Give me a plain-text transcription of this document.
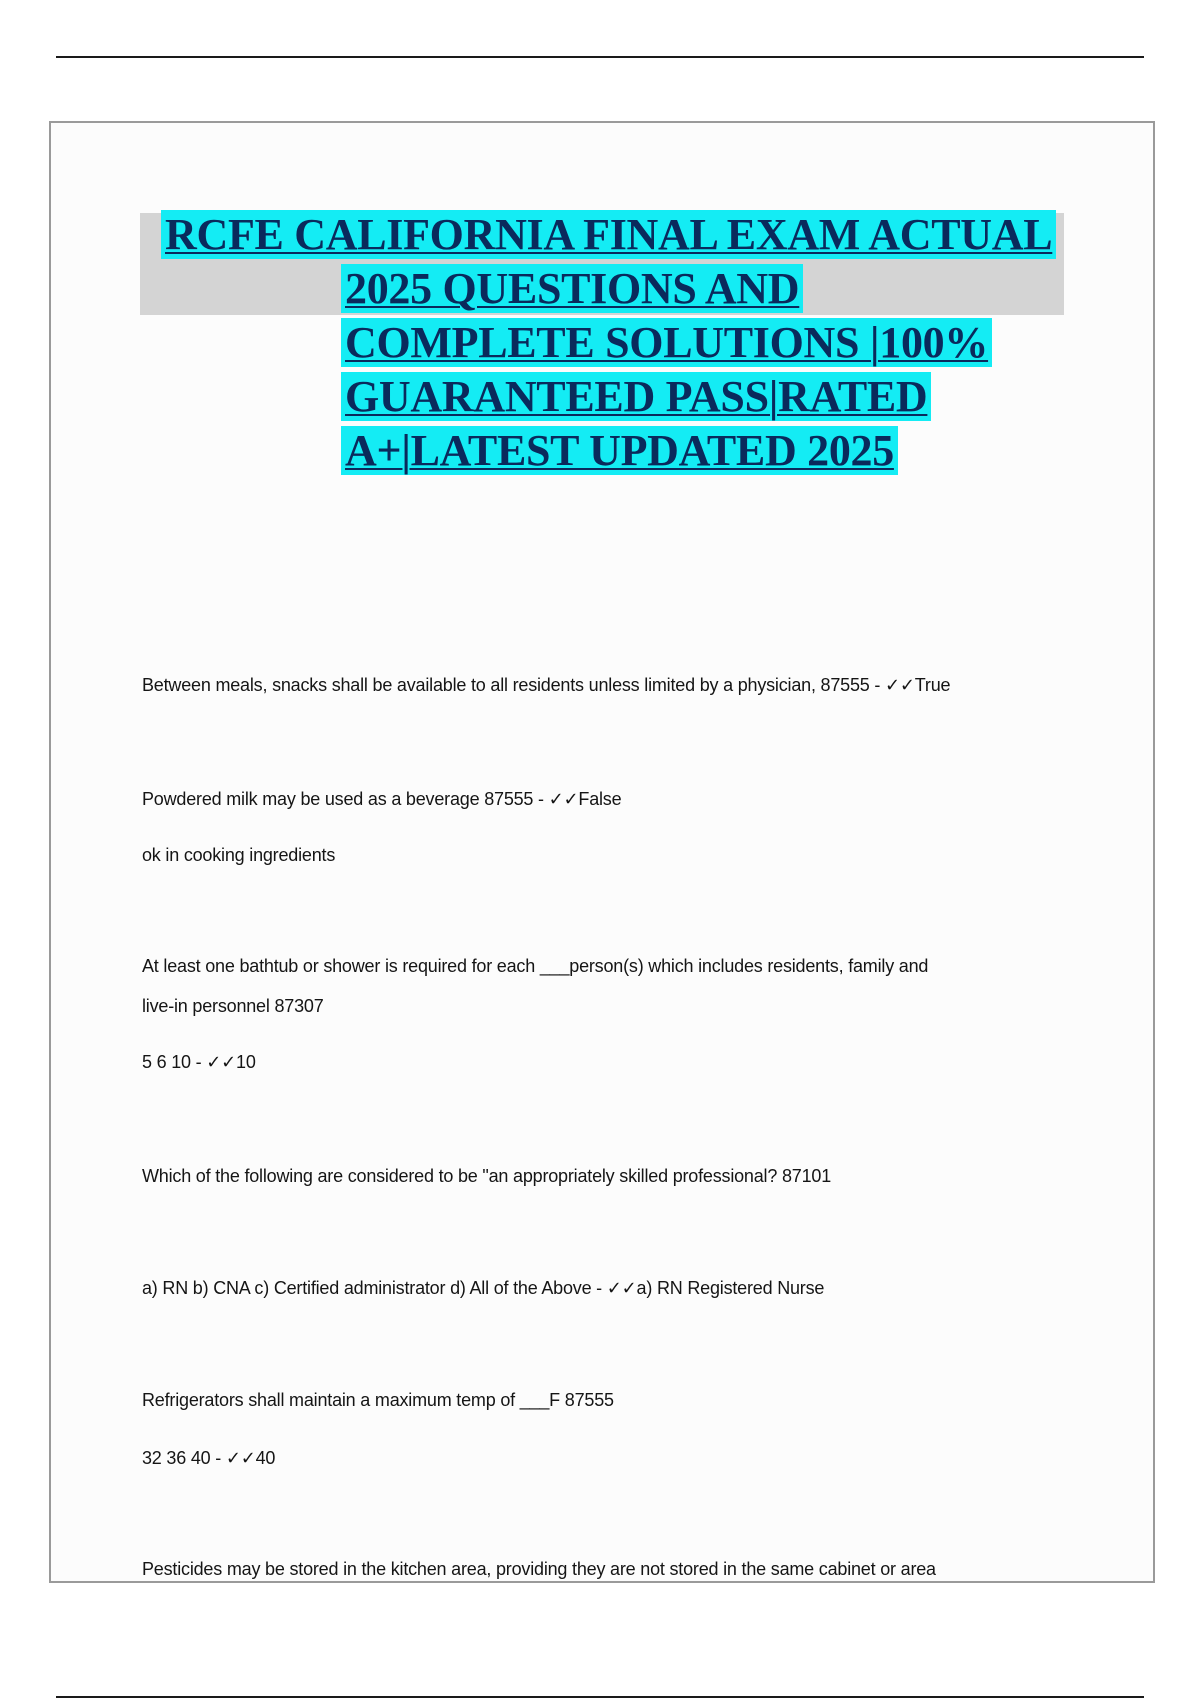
RCFE CALIFORNIA FINAL EXAM ACTUAL
2025 QUESTIONS AND
COMPLETE SOLUTIONS |100%
GUARANTEED PASS|RATED
A+|LATEST UPDATED 2025
Between meals, snacks shall be available to all residents unless limited by a physician, 87555 - ✓✓True
Powdered milk may be used as a beverage 87555 - ✓✓False
ok in cooking ingredients
At least one bathtub or shower is required for each ___person(s) which includes residents, family and
live-in personnel 87307
5 6 10 - ✓✓10
Which of the following are considered to be "an appropriately skilled professional? 87101
a) RN b) CNA c) Certified administrator d) All of the Above - ✓✓a) RN Registered Nurse
Refrigerators shall maintain a maximum temp of ___F 87555
32 36 40 - ✓✓40
Pesticides may be stored in the kitchen area, providing they are not stored in the same cabinet or area
